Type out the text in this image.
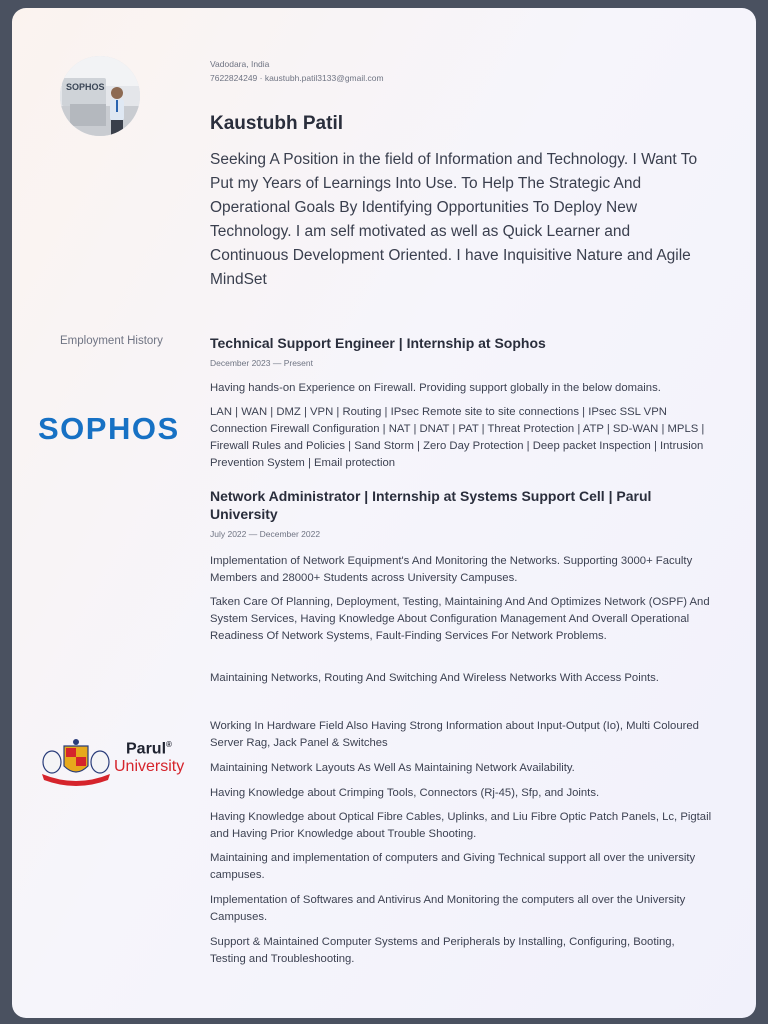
SOPHOS
Vadodara, India
7622824249 · kaustubh.patil3133@gmail.com
Kaustubh Patil
Seeking A Position in the field of Information and Technology. I Want To Put my Years of Learnings Into Use. To Help The Strategic And Operational Goals By Identifying Opportunities To Deploy New Technology. I am self motivated as well as Quick Learner and Continuous Development Oriented. I have Inquisitive Nature and Agile MindSet
Employment History
SOPHOS
Parul®
University
Technical Support Engineer | Internship at Sophos
December 2023 — Present
Having hands-on Experience on Firewall. Providing support globally in the below domains.
LAN | WAN | DMZ | VPN | Routing | IPsec Remote site to site connections | IPsec SSL VPN Connection Firewall Configuration | NAT | DNAT | PAT | Threat Protection | ATP | SD-WAN | MPLS | Firewall Rules and Policies | Sand Storm | Zero Day Protection | Deep packet Inspection | Intrusion Prevention System | Email protection
Network Administrator | Internship at Systems Support Cell | Parul University
July 2022 — December 2022
Implementation of Network Equipment's And Monitoring the Networks. Supporting 3000+ Faculty Members and 28000+ Students across University Campuses.
Taken Care Of Planning, Deployment, Testing, Maintaining And And Optimizes Network (OSPF) And System Services, Having Knowledge About Configuration Management And Overall Operational Readiness Of Network Systems, Fault-Finding Services For Network Problems.
Maintaining Networks, Routing And Switching And Wireless Networks With Access Points.
Working In Hardware Field Also Having Strong Information about Input-Output (Io), Multi Coloured Server Rag, Jack Panel & Switches
Maintaining Network Layouts As Well As Maintaining Network Availability.
Having Knowledge about Crimping Tools, Connectors (Rj-45), Sfp, and Joints.
Having Knowledge about Optical Fibre Cables, Uplinks, and Liu Fibre Optic Patch Panels, Lc, Pigtail and Having Prior Knowledge about Trouble Shooting.
Maintaining and implementation of computers and Giving Technical support all over the university campuses.
Implementation of Softwares and Antivirus And Monitoring the computers all over the University Campuses.
Support & Maintained Computer Systems and Peripherals by Installing, Configuring, Booting, Testing and Troubleshooting.
